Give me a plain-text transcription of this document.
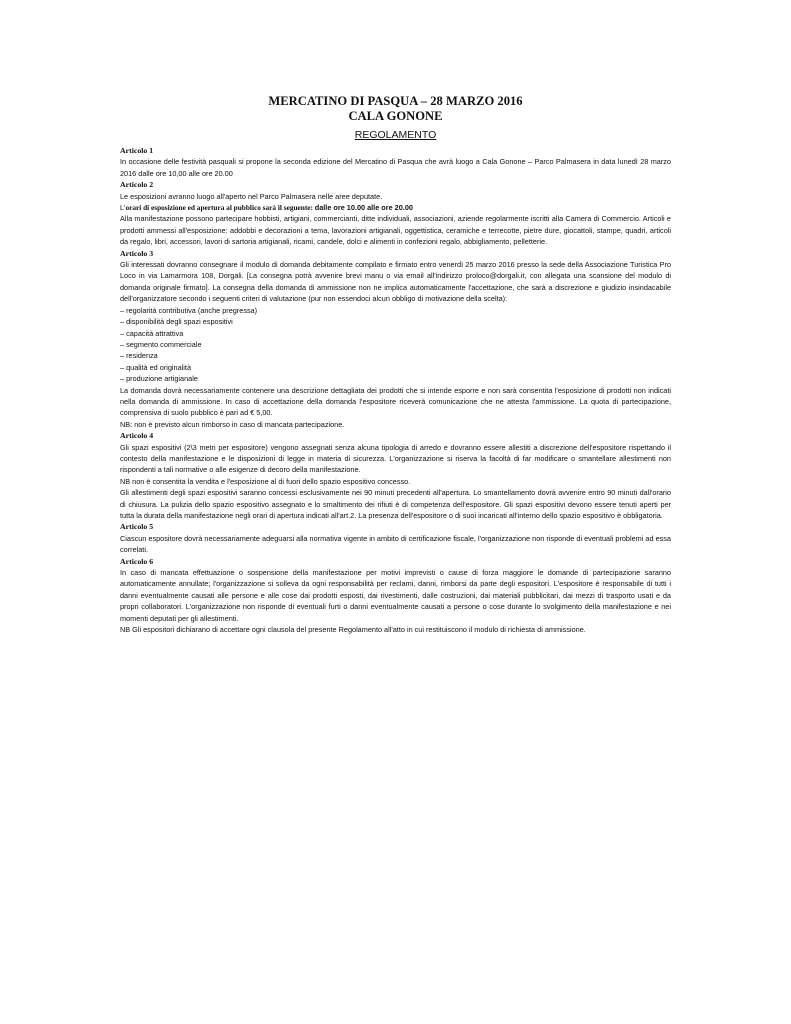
MERCATINO DI PASQUA – 28 MARZO 2016
CALA GONONE
REGOLAMENTO
Articolo 1

In occasione delle festività pasquali si propone la seconda edizione del Mercatino di Pasqua che avrà luogo a Cala Gonone – Parco Palmasera in data lunedì 28 marzo 2016 dalle ore 10,00 alle ore 20.00

Articolo 2

Le esposizioni avranno luogo all'aperto nel Parco Palmasera nelle aree deputate.

L'orari di esposizione ed apertura al pubblico sarà il seguente: dalle ore 10.00 alle ore 20.00

Alla manifestazione possono partecipare hobbisti, artigiani, commercianti, ditte individuali, associazioni, aziende regolarmente iscritti alla Camera di Commercio. Articoli e prodotti ammessi all'esposizione: addobbi e decorazioni a tema, lavorazioni artigianali, oggettistica, ceramiche e terrecotte, pietre dure, giocattoli, stampe, quadri, articoli da regalo, libri, accessori, lavori di sartoria artigianali, ricami, candele, dolci e alimenti in confezioni regalo, abbigliamento, pelletterie.

Articolo 3

Gli interessati dovranno consegnare il modulo di domanda debitamente compilato e firmato entro venerdì 25 marzo 2016 presso la sede della Associazione Turistica Pro Loco in via Lamarmora 108, Dorgali. [La consegna potrà avvenire brevi manu o via email all'indirizzo proloco@dorgali.it, con allegata una scansione del modulo di domanda originale firmato]. La consegna della domanda di ammissione non ne implica automaticamente l'accettazione, che sarà a discrezione e giudizio insindacabile dell'organizzatore secondo i seguenti criteri di valutazione (pur non essendoci alcun obbligo di motivazione della scelta):

– regolarità contributiva (anche pregressa)
– disponibilità degli spazi espositivi
– capacità attrattiva
– segmento commerciale
– residenza
– qualità ed originalità
– produzione artigianale

La domanda dovrà necessariamente contenere una descrizione dettagliata dei prodotti che si intende esporre e non sarà consentita l'esposizione di prodotti non indicati nella domanda di ammissione. In caso di accettazione della domanda l'espositore riceverà comunicazione che ne attesta l'ammissione. La quota di partecipazione, comprensiva di suolo pubblico è pari ad € 5,00.

NB: non è previsto alcun rimborso in caso di mancata partecipazione.

Articolo 4

Gli spazi espositivi (2\3 metri per espositore) vengono assegnati senza alcuna tipologia di arredo e dovranno essere allestiti a discrezione dell'espositore rispettando il contesto della manifestazione e le disposizioni di legge in materia di sicurezza. L'organizzazione si riserva la facoltà di far modificare o smantellare allestimenti non rispondenti a tali normative o alle esigenze di decoro della manifestazione.

NB non è consentita la vendita e l'esposizione al di fuori dello spazio espositivo concesso.

Gli allestimenti degli spazi espositivi saranno concessi esclusivamente nei 90 minuti precedenti all'apertura. Lo smantellamento dovrà avvenire entro 90 minuti dall'orario di chiusura. La pulizia dello spazio espositivo assegnato e lo smaltimento dei rifiuti è di competenza dell'espositore. Gli spazi espositivi devono essere tenuti aperti per tutta la durata della manifestazione negli orari di apertura indicati all'art.2. La presenza dell'espositore o di suoi incaricati all'interno dello spazio espositivo è obbligatoria.

Articolo 5

Ciascun espositore dovrà necessariamente adeguarsi alla normativa vigente in ambito di certificazione fiscale, l'organizzazione non risponde di eventuali problemi ad essa correlati.

Articolo 6

In caso di mancata effettuazione o sospensione della manifestazione per motivi imprevisti o cause di forza maggiore le domande di partecipazione saranno automaticamente annullate; l'organizzazione si solleva da ogni responsabilità per reclami, danni, rimborsi da parte degli espositori. L'espositore è responsabile di tutti i danni eventualmente causati alle persone e alle cose dai prodotti esposti, dai rivestimenti, dalle costruzioni, dai materiali pubblicitari, dai mezzi di trasporto usati e da propri collaboratori. L'organizzazione non risponde di eventuali furti o danni eventualmente causati a persone o cose durante lo svolgimento della manifestazione e nei momenti deputati per gli allestimenti.

NB Gli espositori dichiarano di accettare ogni clausola del presente Regolamento all'atto in cui restituiscono il modulo di richiesta di ammissione.
